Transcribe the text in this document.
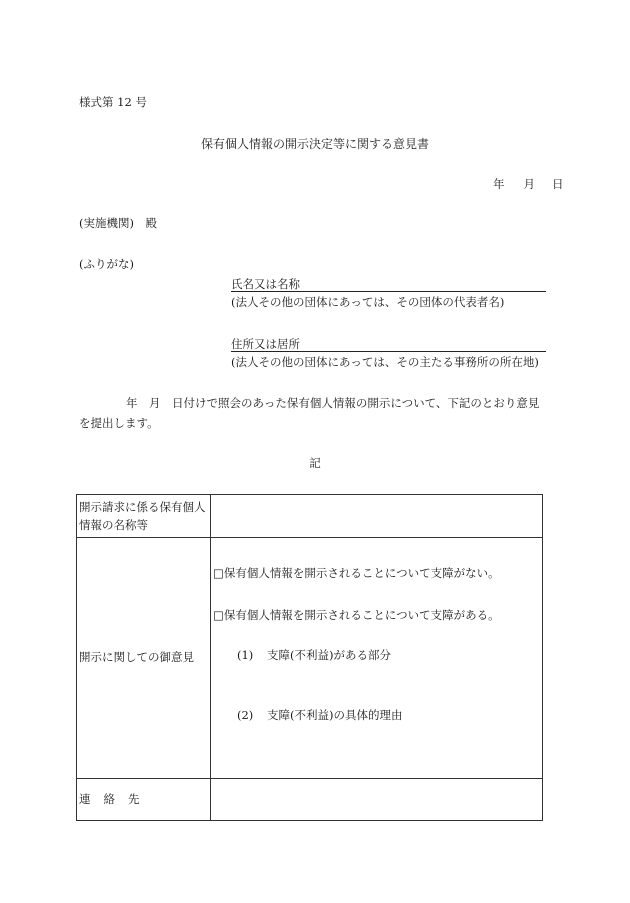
様式第 12 号
保有個人情報の開示決定等に関する意見書
年 月 日
(実施機関)　殿
(ふりがな)
氏名又は名称
(法人その他の団体にあっては、その団体の代表者名)
住所又は居所
(法人その他の団体にあっては、その主たる事務所の所在地)
年　月　日付けで照会のあった保有個人情報の開示について、下記のとおり意見
を提出します。
記
開示請求に係る保有個人情報の名称等	

開示に関しての御意見	□保有個人情報を開示されることについて支障がない。
□保有個人情報を開示されることについて支障がある。
(1) 支障(不利益)がある部分
(2) 支障(不利益)の具体的理由

連 絡 先	
